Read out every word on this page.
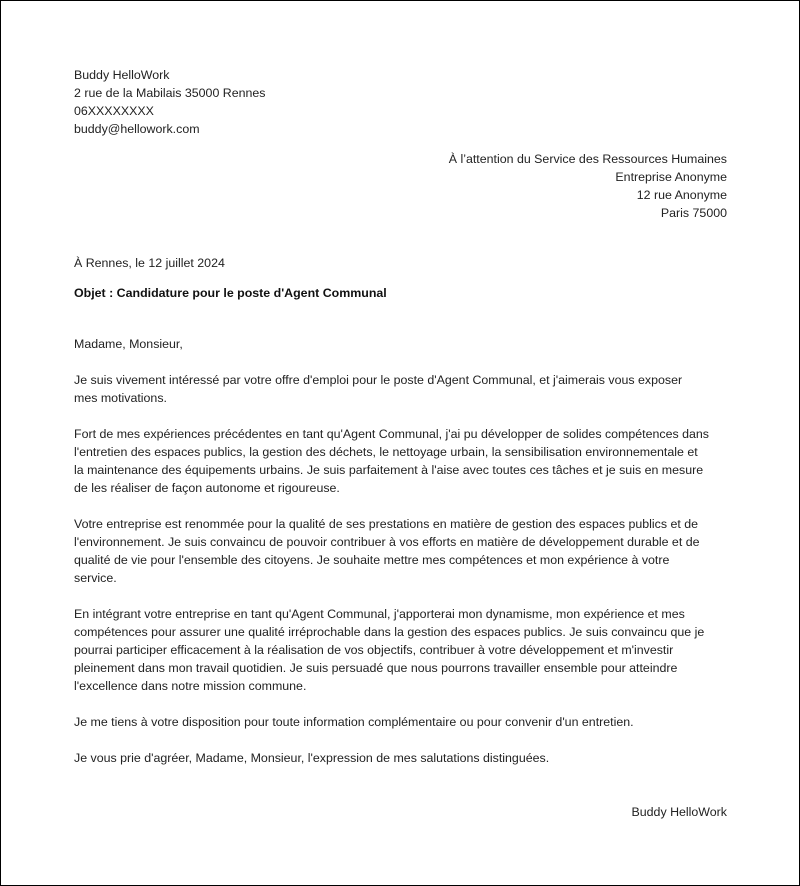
Buddy HelloWork
2 rue de la Mabilais 35000 Rennes
06XXXXXXXX
buddy@hellowork.com
À l’attention du Service des Ressources Humaines
Entreprise Anonyme
12 rue Anonyme
Paris 75000
À Rennes, le 12 juillet 2024
Objet : Candidature pour le poste d'Agent Communal
Madame, Monsieur,
Je suis vivement intéressé par votre offre d'emploi pour le poste d'Agent Communal, et j'aimerais vous exposer
mes motivations.
Fort de mes expériences précédentes en tant qu'Agent Communal, j'ai pu développer de solides compétences dans
l'entretien des espaces publics, la gestion des déchets, le nettoyage urbain, la sensibilisation environnementale et
la maintenance des équipements urbains. Je suis parfaitement à l'aise avec toutes ces tâches et je suis en mesure
de les réaliser de façon autonome et rigoureuse.
Votre entreprise est renommée pour la qualité de ses prestations en matière de gestion des espaces publics et de
l'environnement. Je suis convaincu de pouvoir contribuer à vos efforts en matière de développement durable et de
qualité de vie pour l'ensemble des citoyens. Je souhaite mettre mes compétences et mon expérience à votre
service.
En intégrant votre entreprise en tant qu'Agent Communal, j'apporterai mon dynamisme, mon expérience et mes
compétences pour assurer une qualité irréprochable dans la gestion des espaces publics. Je suis convaincu que je
pourrai participer efficacement à la réalisation de vos objectifs, contribuer à votre développement et m'investir
pleinement dans mon travail quotidien. Je suis persuadé que nous pourrons travailler ensemble pour atteindre
l'excellence dans notre mission commune.
Je me tiens à votre disposition pour toute information complémentaire ou pour convenir d'un entretien.
Je vous prie d'agréer, Madame, Monsieur, l'expression de mes salutations distinguées.
Buddy HelloWork
